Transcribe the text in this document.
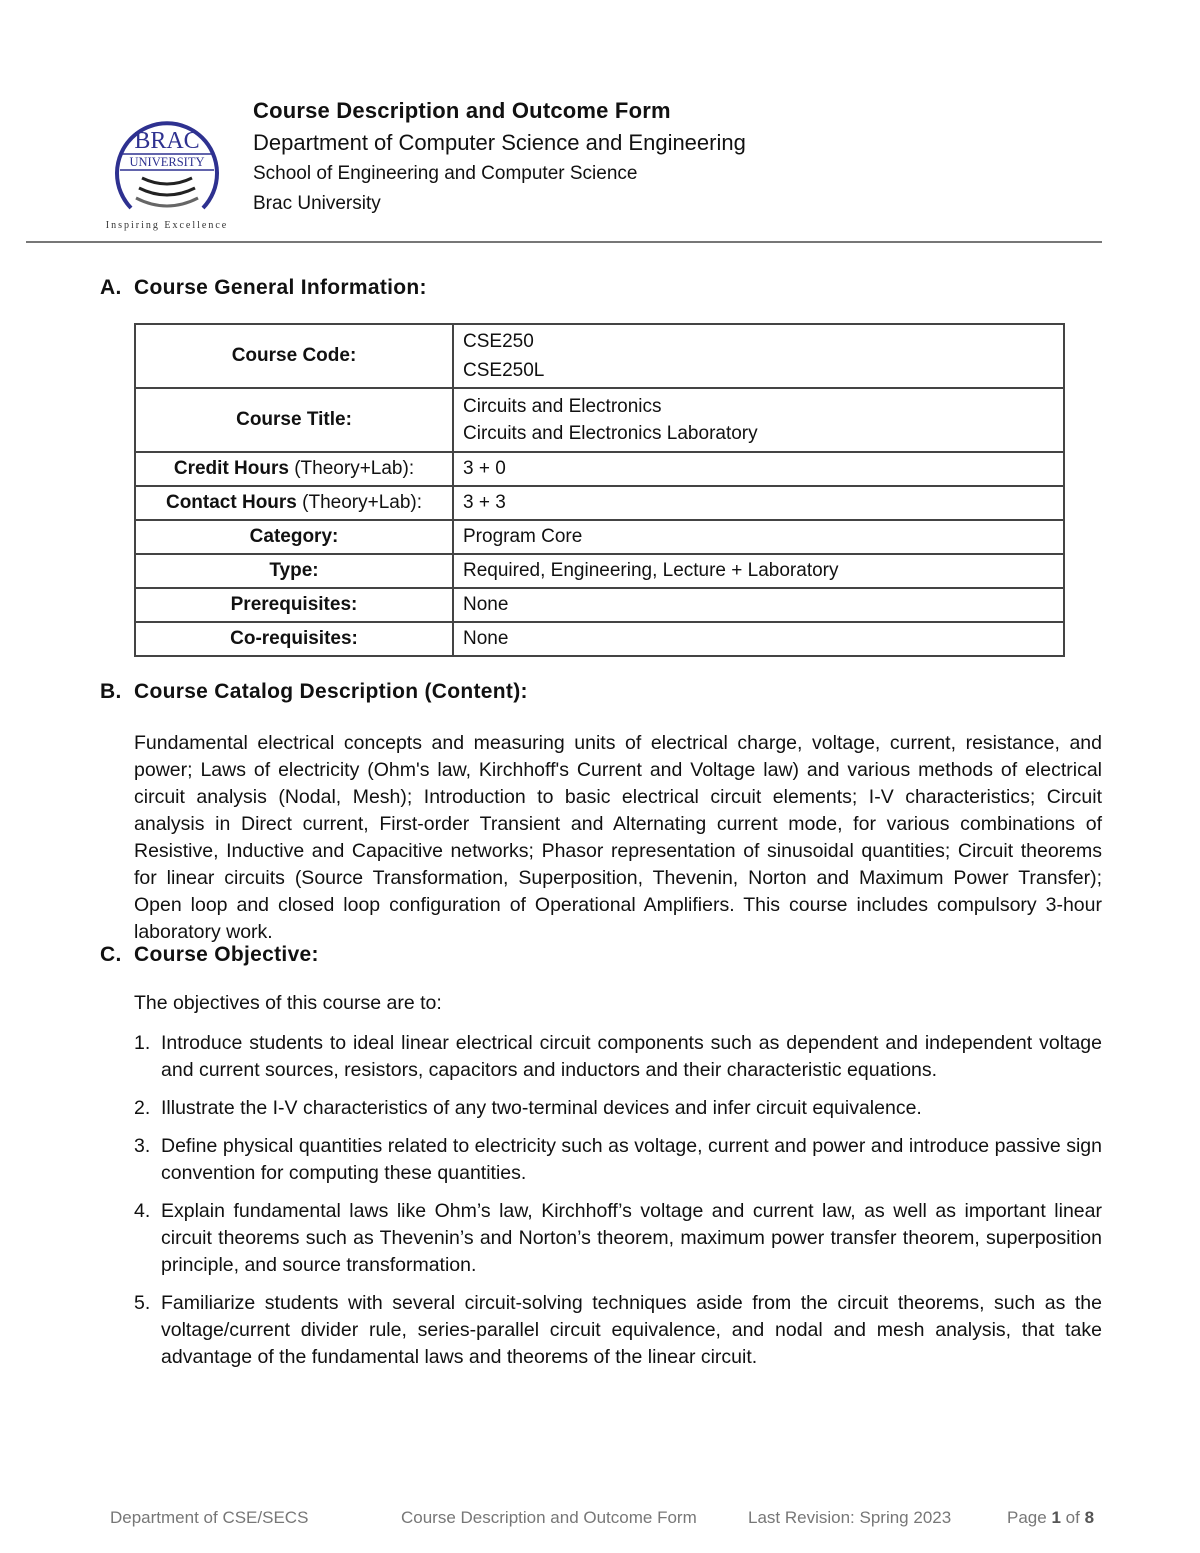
BRAC
UNIVERSITY
Inspiring Excellence
Course Description and Outcome Form
Department of Computer Science and Engineering
School of Engineering and Computer Science
Brac University
A. Course General Information:
Course Code:	CSE250
CSE250L

Course Title:	Circuits and Electronics
Circuits and Electronics Laboratory

Credit Hours (Theory+Lab):	3 + 0
Contact Hours (Theory+Lab):	3 + 3
Category:	Program Core
Type:	Required, Engineering, Lecture + Laboratory
Prerequisites:	None
Co-requisites:	None
B. Course Catalog Description (Content):
Fundamental electrical concepts and measuring units of electrical charge, voltage, current, resistance, and power; Laws of electricity (Ohm's law, Kirchhoff's Current and Voltage law) and various methods of electrical circuit analysis (Nodal, Mesh); Introduction to basic electrical circuit elements; I-V characteristics; Circuit analysis in Direct current, First-order Transient and Alternating current mode, for various combinations of Resistive, Inductive and Capacitive networks; Phasor representation of sinusoidal quantities; Circuit theorems for linear circuits (Source Transformation, Superposition, Thevenin, Norton and Maximum Power Transfer); Open loop and closed loop configuration of Operational Amplifiers. This course includes compulsory 3-hour laboratory work.
C. Course Objective:
The objectives of this course are to:
1. Introduce students to ideal linear electrical circuit components such as dependent and independent voltage and current sources, resistors, capacitors and inductors and their characteristic equations.
2. Illustrate the I-V characteristics of any two-terminal devices and infer circuit equivalence.
3. Define physical quantities related to electricity such as voltage, current and power and introduce passive sign convention for computing these quantities.
4. Explain fundamental laws like Ohm’s law, Kirchhoff’s voltage and current law, as well as important linear circuit theorems such as Thevenin’s and Norton’s theorem, maximum power transfer theorem, superposition principle, and source transformation.
5. Familiarize students with several circuit-solving techniques aside from the circuit theorems, such as the voltage/current divider rule, series-parallel circuit equivalence, and nodal and mesh analysis, that take advantage of the fundamental laws and theorems of the linear circuit.
Department of CSE/SECS	Course Description and Outcome Form	Last Revision: Spring 2023	Page 1 of 8
